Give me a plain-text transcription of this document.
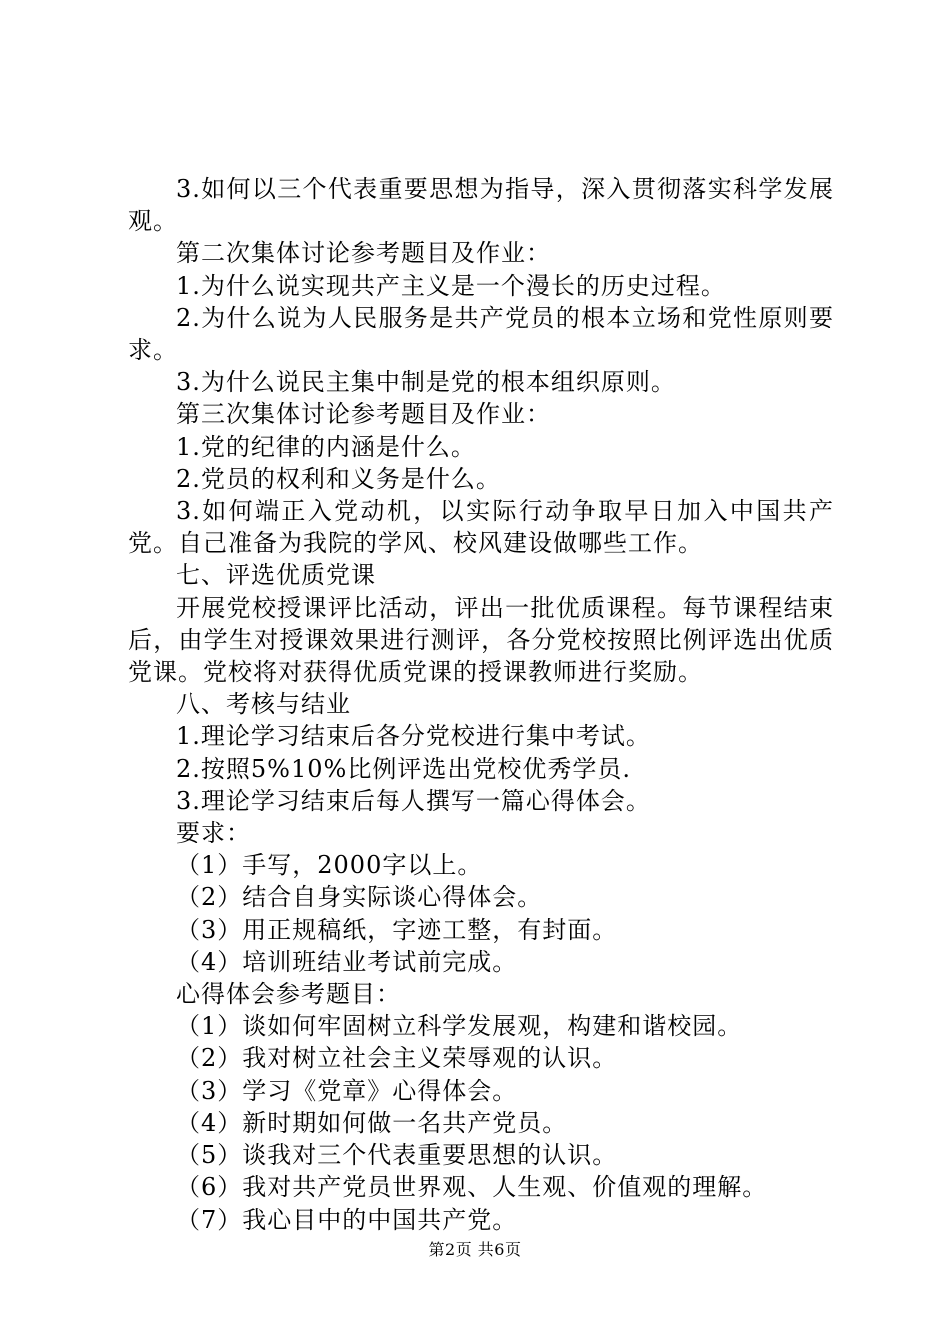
3.如何以三个代表重要思想为指导，深入贯彻落实科学发展观。

第二次集体讨论参考题目及作业：

1.为什么说实现共产主义是一个漫长的历史过程。

2.为什么说为人民服务是共产党员的根本立场和党性原则要求。

3.为什么说民主集中制是党的根本组织原则。

第三次集体讨论参考题目及作业：

1.党的纪律的内涵是什么。

2.党员的权利和义务是什么。

3.如何端正入党动机，以实际行动争取早日加入中国共产党。自己准备为我院的学风、校风建设做哪些工作。

七、评选优质党课

开展党校授课评比活动，评出一批优质课程。每节课程结束后，由学生对授课效果进行测评，各分党校按照比例评选出优质党课。党校将对获得优质党课的授课教师进行奖励。

八、考核与结业

1.理论学习结束后各分党校进行集中考试。

2.按照5%10%比例评选出党校优秀学员.

3.理论学习结束后每人撰写一篇心得体会。

要求：

（1）手写，2000字以上。

（2）结合自身实际谈心得体会。

（3）用正规稿纸，字迹工整，有封面。

（4）培训班结业考试前完成。

心得体会参考题目：

（1）谈如何牢固树立科学发展观，构建和谐校园。

（2）我对树立社会主义荣辱观的认识。

（3）学习《党章》心得体会。

（4）新时期如何做一名共产党员。

（5）谈我对三个代表重要思想的认识。

（6）我对共产党员世界观、人生观、价值观的理解。

（7）我心目中的中国共产党。

第2页 共6页
